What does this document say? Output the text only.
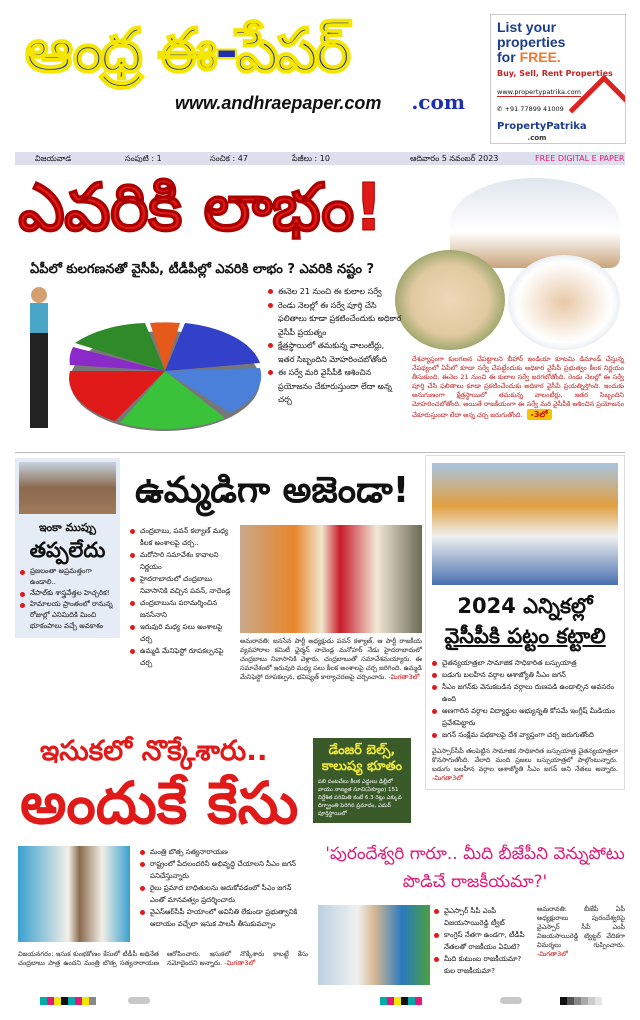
ఆంధ్ర ఈ-పేపర్
www.andhraepaper.com .com
List your
properties
for FREE.
Buy, Sell, Rent Properties
www.propertypatrika.com
✆ +91 77899 41009
PropertyPatrika
.com
విజయవాడ	సంపుటి : 1	సంచిక : 47	పేజీలు : 10	ఆదివారం 5 నవంబర్ 2023	FREE DIGITAL E PAPER
ఎవరికి లాభం!
ఏపీలో కులగణనతో వైసీపీ, టీడీపీల్లో ఎవరికి లాభం ? ఎవరికి నష్టం ?
ఈనెల 21 నుంచి ఈ కులాల సర్వే
రెండు నెలల్లో ఈ సర్వే పూర్తి చేసి ఫలితాలు కూడా ప్రకటించేందుకు అధికార వైసీపీ ప్రయత్నం
క్షేత్రస్థాయిలో తమకున్న వాలంటీర్లు, ఇతర సిబ్బందిని మోహరించబోతోంది
ఈ సర్వే మరి వైసీపీకి ఆశించిన ప్రయోజనం చేకూరుస్తుందా లేదా అన్న చర్చ
దేశవ్యాప్తంగా కులగణన చేపట్టాలని బీహార్ ఇండియా కూటమి డిమాండ్ చేస్తున్న నేపథ్యంలో ఏపీలో కూడా సర్వే చేపట్టేందుకు అధికార వైసీపీ ప్రభుత్వం కీలక నిర్ణయం తీసుకుంది. ఈనెల 21 నుంచి ఈ కులాల సర్వే జరగబోతోంది. రెండు నెలల్లో ఈ సర్వే పూర్తి చేసి ఫలితాలు కూడా ప్రకటించేందుకు అధికార వైసీపీ ప్రయత్నిస్తోంది. ఇందుకు అనుగుణంగా క్షేత్రస్థాయిలో తమకున్న వాలంటీర్లు, ఇతర సిబ్బందిని మోహరించబోతోంది. అయితే రాజకీయంగా ఈ సర్వే మరి వైసీపీకి ఆశించిన ప్రయోజనం చేకూరుస్తుందా లేదా అన్న చర్చ జరుగుతోంది. -3లో
ఇంకా ముప్పు
తప్పలేదు
ప్రజలంతా అప్రమత్తంగా ఉండాలి..
నేపాల్‌కు శాస్త్రవేత్తల హెచ్చరిక!
హిమాలయ ప్రాంతంలో రానున్న రోజుల్లో ఎనిమిదికి మించి భూకంపాలు వచ్చే అవకాశం
ఉమ్మడిగా అజెండా!
చంద్రబాబు, పవన్ కల్యాణ్ మధ్య కీలక అంశాలపై చర్చ..
మరోసారి సమావేశం కావాలని నిర్ణయం
హైదరాబాదులో చంద్రబాబు నివాసానికి వచ్చిన పవన్, నాదెండ్ల
చంద్రబాబును పరామర్శించిన జనసేనాని
ఇరువురి మధ్య పలు అంశాలపై చర్చ
ఉమ్మడి మేనిఫెస్టో రూపకల్పనపై చర్చ
అమరావతి: జనసేన పార్టీ అధ్యక్షుడు పవన్ కళ్యాణ్, ఆ పార్టీ రాజకీయ వ్యవహారాల కమిటీ ఛైర్మన్ నాదెండ్ల మనోహర్ నేడు హైదరాబాదులో చంద్రబాబు నివాసానికి వెళ్లారు. చంద్రబాబుతో సమావేశమయ్యారు. ఈ సమావేశంలో ఇరువురి మధ్య పలు కీలక అంశాలపై చర్చ జరిగింది. ఉమ్మడి మేనిఫెస్టో రూపకల్పన, భవిష్యత్ కార్యాచరణపై చర్చించారు. -మిగతా3లో
2024 ఎన్నికల్లో
వైసీపీకి పట్టం కట్టాలి
చైతన్యయాత్రలా సామాజిక సాధికారిత బస్సుయాత్ర
బడుగు బలహీన వర్గాల ఆశాజ్యోతి సీఎం జగన్
సీఎం జగన్‌కు వెనుకబడిన వర్గాలు రుణపడి ఉండాల్సిన అవసరం ఉంది
అణగారిన వర్గాల విద్యార్థుల అభ్యున్నతి కోసమే ఇంగ్లీష్ మీడియం ప్రవేశపెట్టారు
జగన్ సంక్షేమ పథకాలపై దేశ వ్యాప్తంగా చర్చ జరుగుతోంది
వైఎస్సార్‌సీపీ తలపెట్టిన సామాజిక సాధికారిత బస్సుయాత్ర చైతన్యయాత్రలా కొనసాగుతోంది. వేలాది మంది ప్రజలు బస్సుయాత్రలో పాల్గొంటున్నారు. బడుగు బలహీన వర్గాల ఆశాజ్యోతి సీఎం జగన్ అని నేతలు అన్నారు. -మిగతా3లో
ఇసుకలో నొక్కేశారు..
అందుకే కేసు
డేంజర్ బెల్స్, కాలుష్య భూతం
పలి పంటచేలు కీలక ఎద్దులు ఢిల్లీలో వాయు నాణ్యత సూచి(ఏక్యూఐ) 151 నిర్దేశిత పరిమితి కంటే 6.3 రెట్లు ఎక్కువ దిగ్భ్రాంతి పెరిగిన ప్రమాదం, ఎమర్ పూర్తిస్థాయిలో
మంత్రి బొత్స సత్యనారాయణ
రాష్ట్రంలో పేదలందరినీ అభివృద్ధి చేయాలని సీఎం జగన్ పనిచేస్తున్నారు
రైలు ప్రమాద బాధితులను ఆదుకోవడంలో సీఎం జగన్ ఎంతో మానవత్వం ప్రదర్శించారు
వైఎస్‌ఆర్‌సీపీ హయాంలో అవినీతి లేకుండా ప్రభుత్వానికి ఆదాయం వచ్చేలా ఇసుక పాలసీ తీసుకువచ్చాం
విజయనగరం: ఇసుక కుంభకోణం కేసులో టీడీపీ అధినేత చంద్రబాబు పాత్ర ఉందని మంత్రి బొత్స సత్యనారాయణ ఆరోపించారు. ఇసుకలో నొక్కేశారు కాబట్టే కేసు నమోదైందని అన్నారు. -మిగతా3లో
'పురందేశ్వరి గారూ.. మీది బీజేపీని వెన్నుపోటు పొడిచే రాజకీయమా?'
వైఎస్సార్ సీపీ ఎంపీ విజయసాయిరెడ్డి ట్వీట్
కాంగ్రెస్ నేతగా ఉండగా, టీడీపీ నేతలతో రాజకీయం ఏమిటి?
మీది కుటుంబ రాజకీయమా? కుల రాజకీయమా?
అమరావతి: బీజేపీ ఏపీ అధ్యక్షురాలు పురందేశ్వరిపై వైఎస్సార్ సీపీ ఎంపీ విజయసాయిరెడ్డి ట్విట్టర్ వేదికగా విమర్శలు గుప్పించారు. -మిగతా3లో
